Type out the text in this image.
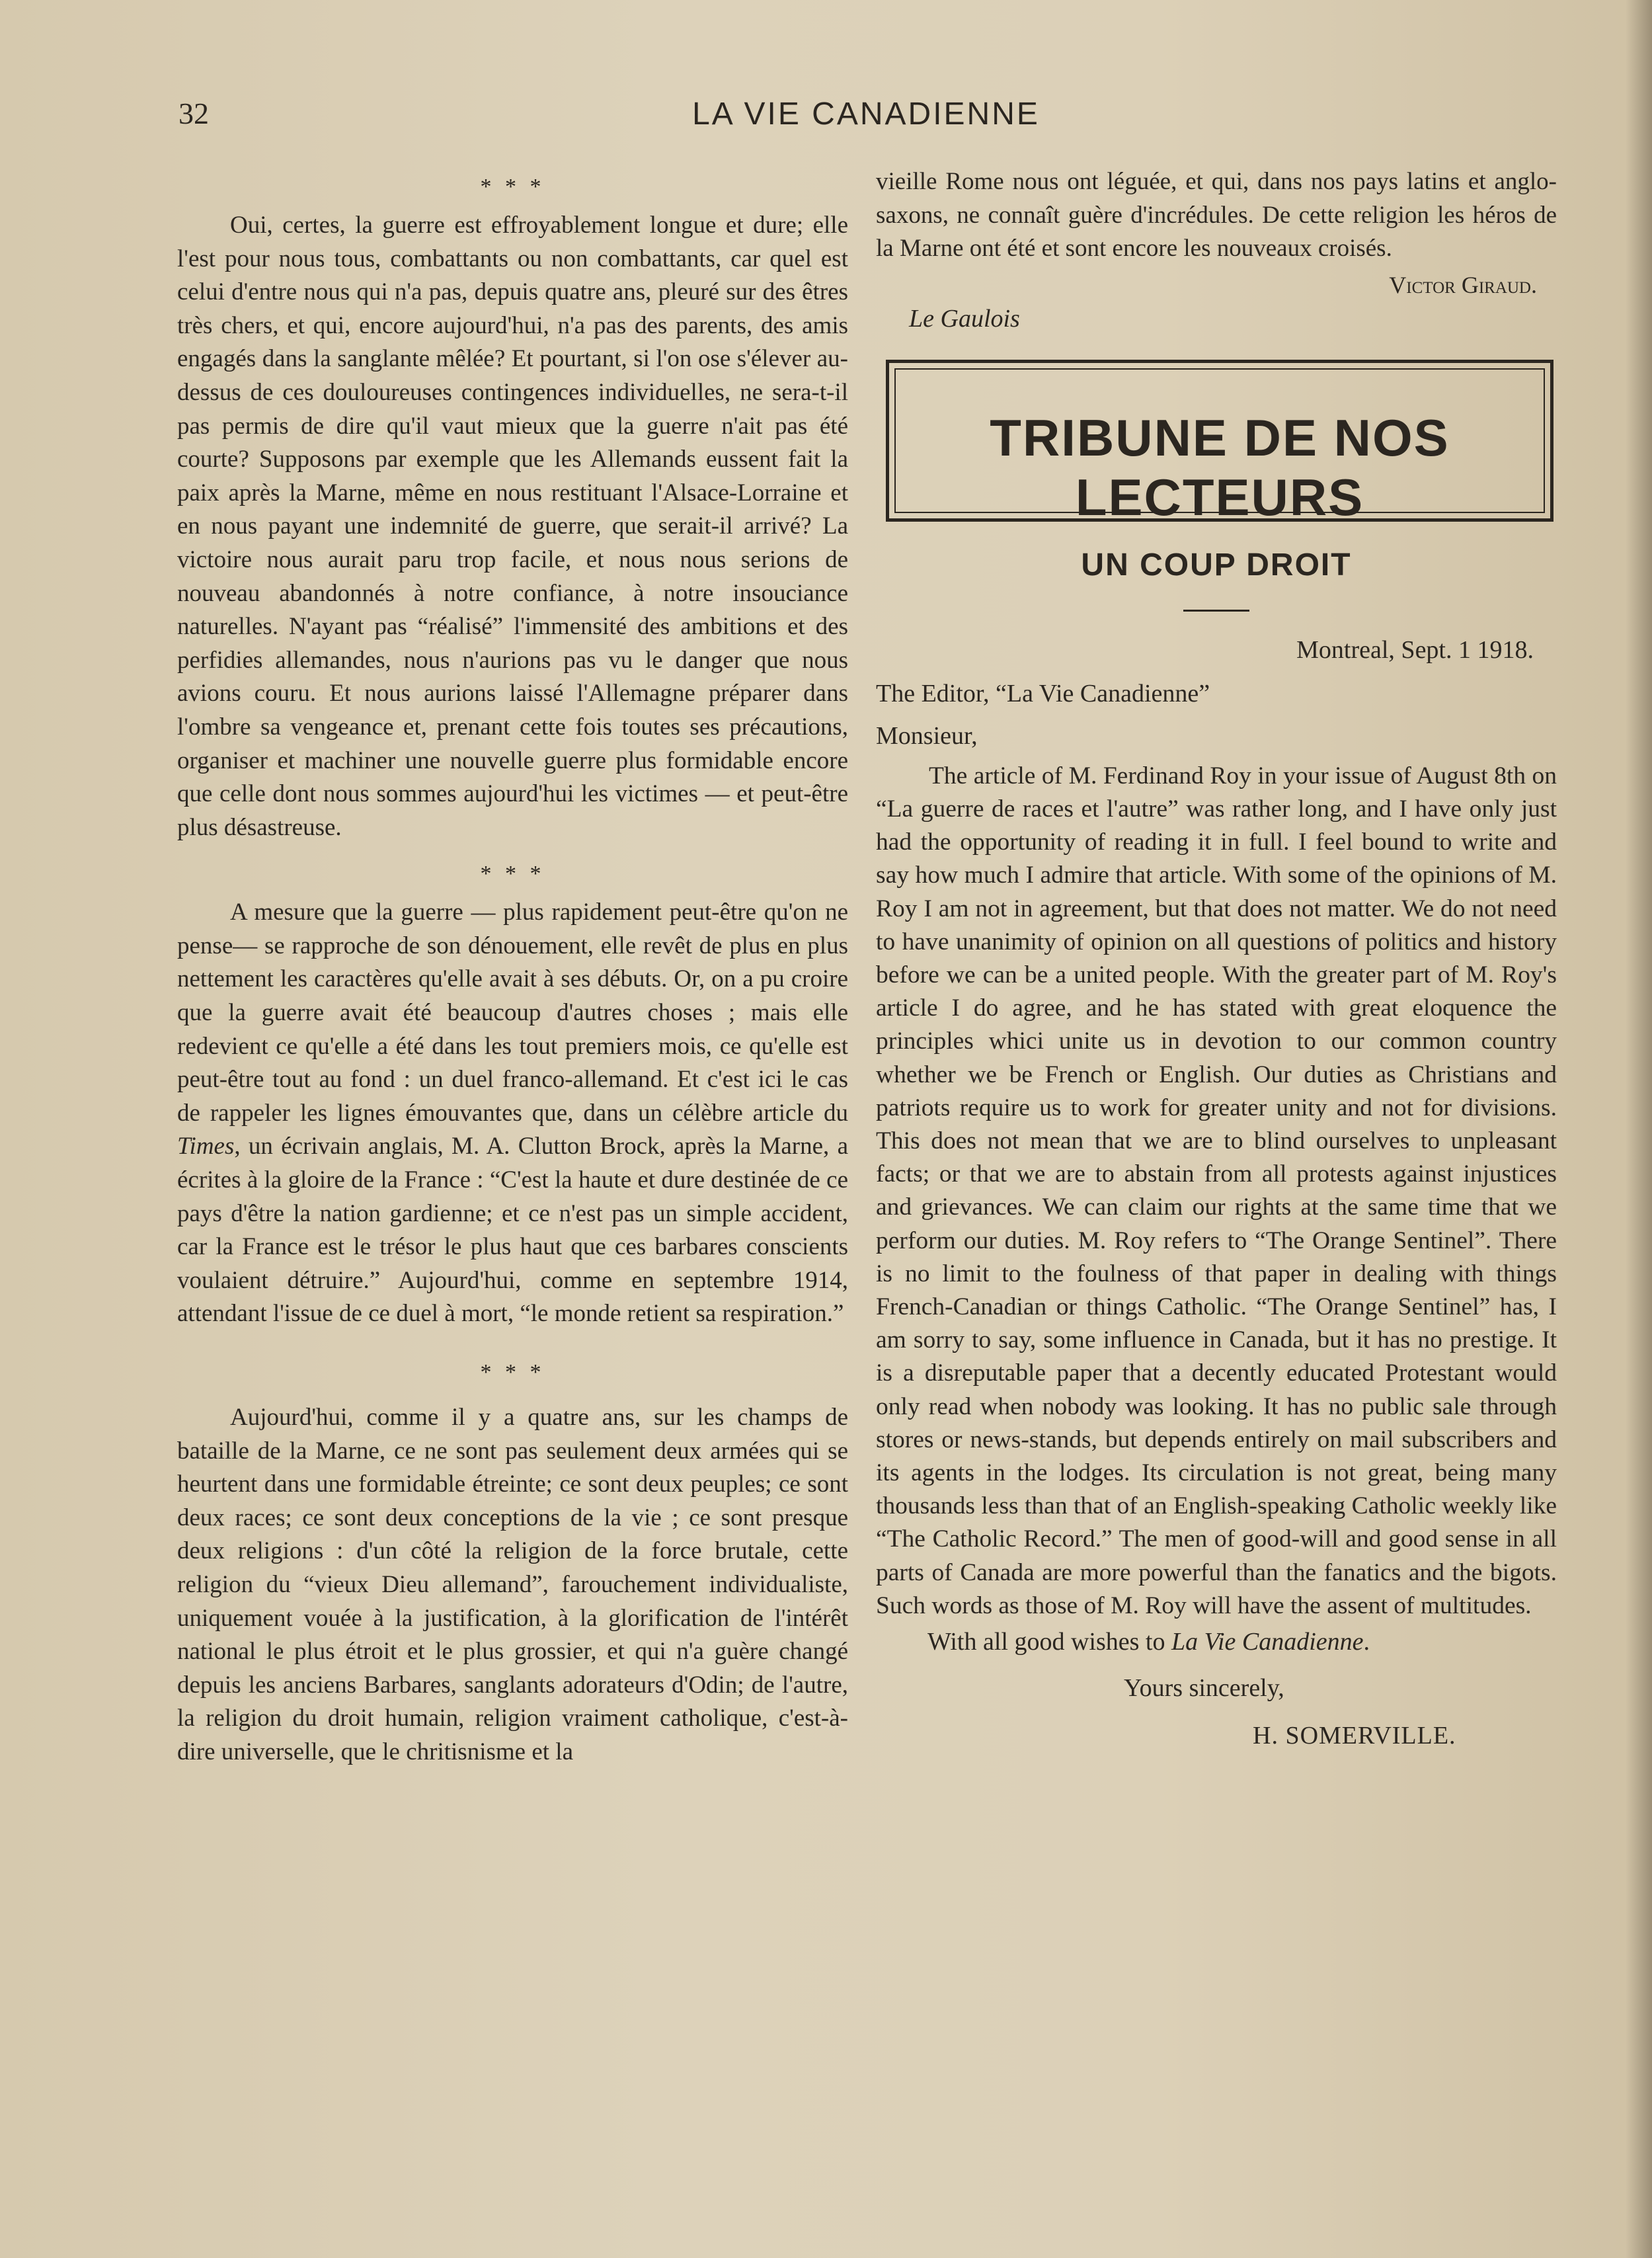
32	LA VIE CANADIENNE
* * *

Oui, certes, la guerre est effroyablement longue et dure; elle l'est pour nous tous, combattants ou non combattants, car quel est celui d'entre nous qui n'a pas, depuis quatre ans, pleuré sur des êtres très chers, et qui, encore aujourd'hui, n'a pas des parents, des amis engagés dans la sanglante mêlée? Et pourtant, si l'on ose s'élever au-dessus de ces douloureuses contingences individuelles, ne sera-t-il pas permis de dire qu'il vaut mieux que la guerre n'ait pas été courte? Supposons par exemple que les Allemands eussent fait la paix après la Marne, même en nous restituant l'Alsace-Lorraine et en nous payant une indemnité de guerre, que serait-il arrivé? La victoire nous aurait paru trop facile, et nous nous serions de nouveau abandonnés à notre confiance, à notre insouciance naturelles. N'ayant pas “réalisé” l'immensité des ambitions et des perfidies allemandes, nous n'aurions pas vu le danger que nous avions couru. Et nous aurions laissé l'Allemagne préparer dans l'ombre sa vengeance et, prenant cette fois toutes ses précautions, organiser et machiner une nouvelle guerre plus formidable encore que celle dont nous sommes aujourd'hui les victimes — et peut-être plus désastreuse.

* * *

A mesure que la guerre — plus rapidement peut-être qu'on ne pense— se rapproche de son dénouement, elle revêt de plus en plus nettement les caractères qu'elle avait à ses débuts. Or, on a pu croire que la guerre avait été beaucoup d'autres choses ; mais elle redevient ce qu'elle a été dans les tout premiers mois, ce qu'elle est peut-être tout au fond : un duel franco-allemand. Et c'est ici le cas de rappeler les lignes émouvantes que, dans un célèbre article du Times, un écrivain anglais, M. A. Clutton Brock, après la Marne, a écrites à la gloire de la France : “C'est la haute et dure destinée de ce pays d'être la nation gardienne; et ce n'est pas un simple accident, car la France est le trésor le plus haut que ces barbares conscients voulaient détruire.” Aujourd'hui, comme en septembre 1914, attendant l'issue de ce duel à mort, “le monde retient sa respiration.”

* * *

Aujourd'hui, comme il y a quatre ans, sur les champs de bataille de la Marne, ce ne sont pas seulement deux armées qui se heurtent dans une formidable étreinte; ce sont deux peuples; ce sont deux races; ce sont deux conceptions de la vie ; ce sont presque deux religions : d'un côté la religion de la force brutale, cette religion du “vieux Dieu allemand”, farouchement individualiste, uniquement vouée à la justification, à la glorification de l'intérêt national le plus étroit et le plus grossier, et qui n'a guère changé depuis les anciens Barbares, sanglants adorateurs d'Odin; de l'autre, la religion du droit humain, religion vraiment catholique, c'est-à-dire universelle, que le chritisnisme et la

vieille Rome nous ont léguée, et qui, dans nos pays latins et anglo-saxons, ne connaît guère d'incrédules. De cette religion les héros de la Marne ont été et sont encore les nouveaux croisés.

Victor Giraud.
Le Gaulois
TRIBUNE DE NOS LECTEURS
UN COUP DROIT
Montreal, Sept. 1 1918.
The Editor, “La Vie Canadienne”
Monsieur,

The article of M. Ferdinand Roy in your issue of August 8th on “La guerre de races et l'autre” was rather long, and I have only just had the opportunity of reading it in full. I feel bound to write and say how much I admire that article. With some of the opinions of M. Roy I am not in agreement, but that does not matter. We do not need to have unanimity of opinion on all questions of politics and history before we can be a united people. With the greater part of M. Roy's article I do agree, and he has stated with great eloquence the principles whici unite us in devotion to our common country whether we be French or English. Our duties as Christians and patriots require us to work for greater unity and not for divisions. This does not mean that we are to blind ourselves to unpleasant facts; or that we are to abstain from all protests against injustices and grievances. We can claim our rights at the same time that we perform our duties. M. Roy refers to “The Orange Sentinel”. There is no limit to the foulness of that paper in dealing with things French-Canadian or things Catholic. “The Orange Sentinel” has, I am sorry to say, some influence in Canada, but it has no prestige. It is a disreputable paper that a decently educated Protestant would only read when nobody was looking. It has no public sale through stores or news-stands, but depends entirely on mail subscribers and its agents in the lodges. Its circulation is not great, being many thousands less than that of an English-speaking Catholic weekly like “The Catholic Record.” The men of good-will and good sense in all parts of Canada are more powerful than the fanatics and the bigots. Such words as those of M. Roy will have the assent of multitudes.

With all good wishes to La Vie Canadienne.
Yours sincerely,
H. SOMERVILLE.
